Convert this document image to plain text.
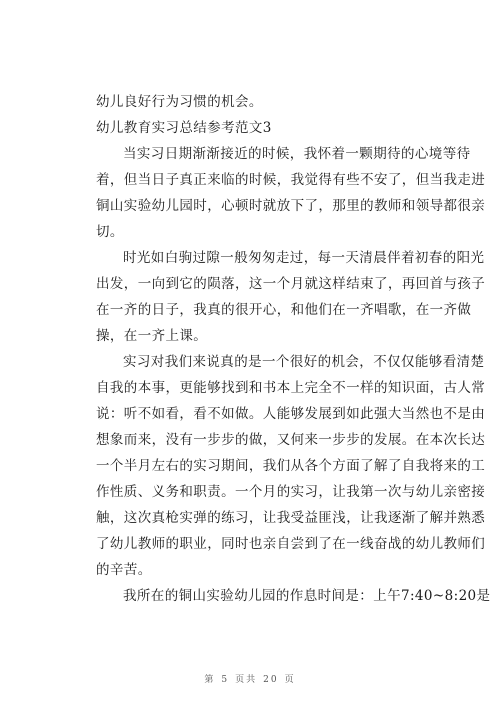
幼儿良好行为习惯的机会。
幼儿教育实习总结参考范文3
当实习日期渐渐接近的时候，我怀着一颗期待的心境等待
着，但当日子真正来临的时候，我觉得有些不安了，但当我走进
铜山实验幼儿园时，心顿时就放下了，那里的教师和领导都很亲
切。
时光如白驹过隙一般匆匆走过，每一天清晨伴着初春的阳光
出发，一向到它的陨落，这一个月就这样结束了，再回首与孩子
在一齐的日子，我真的很开心，和他们在一齐唱歌，在一齐做
操，在一齐上课。
实习对我们来说真的是一个很好的机会，不仅仅能够看清楚
自我的本事，更能够找到和书本上完全不一样的知识面，古人常
说：听不如看，看不如做。人能够发展到如此强大当然也不是由
想象而来，没有一步步的做，又何来一步步的发展。在本次长达
一个半月左右的实习期间，我们从各个方面了解了自我将来的工
作性质、义务和职责。一个月的实习，让我第一次与幼儿亲密接
触，这次真枪实弹的练习，让我受益匪浅，让我逐渐了解并熟悉
了幼儿教师的职业，同时也亲自尝到了在一线奋战的幼儿教师们
的辛苦。
我所在的铜山实验幼儿园的作息时间是：上午7:40~8:20是
第 5 页共 20 页
